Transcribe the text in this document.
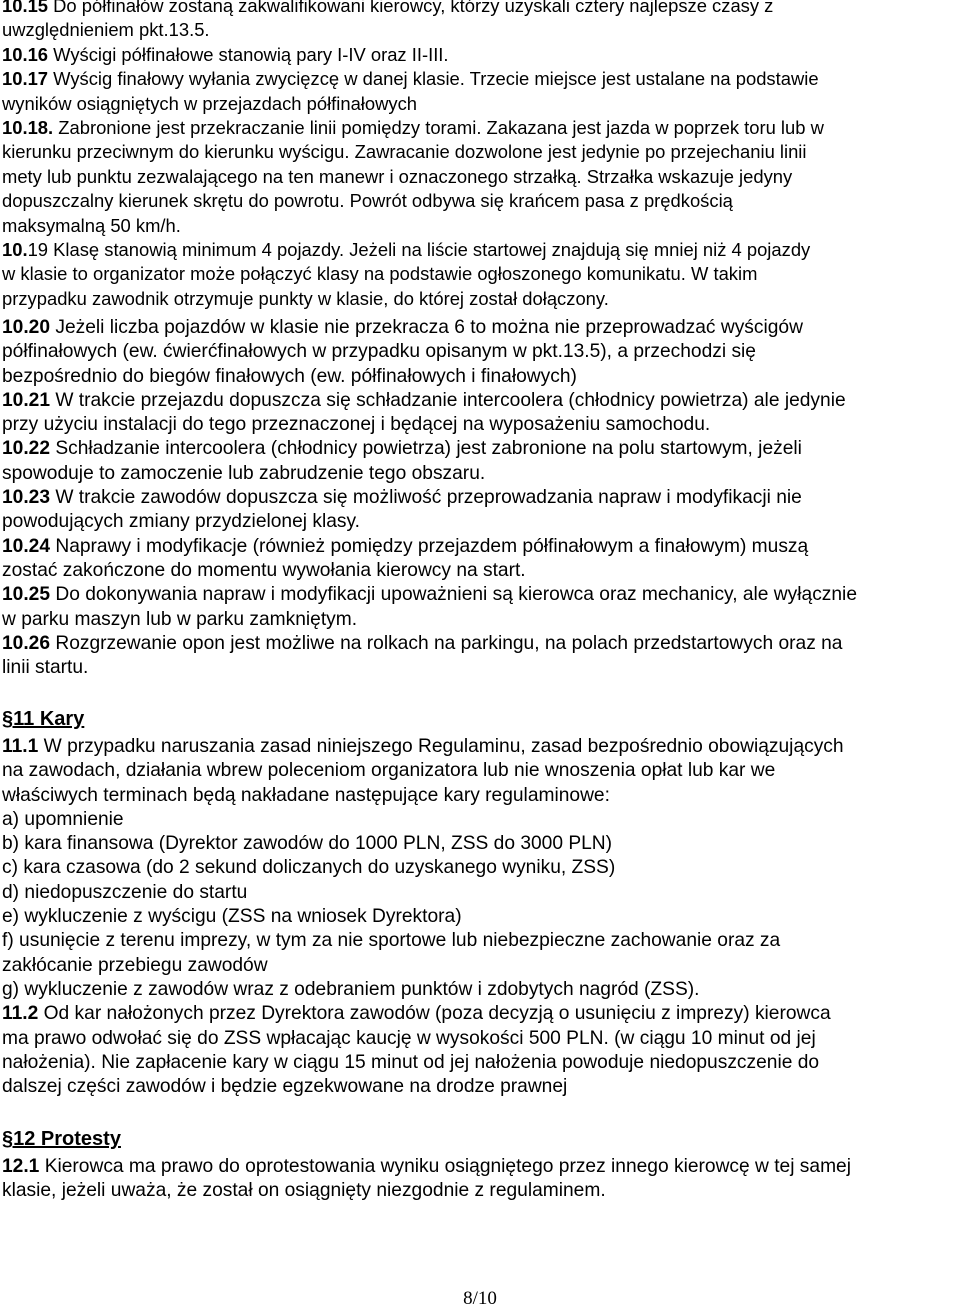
10.15 Do półfinałów zostaną zakwalifikowani kierowcy, którzy uzyskali cztery najlepsze czasy z
uwzględnieniem pkt.13.5.
10.16 Wyścigi półfinałowe stanowią pary I-IV oraz II-III.
10.17 Wyścig finałowy wyłania zwycięzcę w danej klasie. Trzecie miejsce jest ustalane na podstawie
wyników osiągniętych w przejazdach półfinałowych
10.18. Zabronione jest przekraczanie linii pomiędzy torami. Zakazana jest jazda w poprzek toru lub w
kierunku przeciwnym do kierunku wyścigu. Zawracanie dozwolone jest jedynie po przejechaniu linii
mety lub punktu zezwalającego na ten manewr i oznaczonego strzałką. Strzałka wskazuje jedyny
dopuszczalny kierunek skrętu do powrotu. Powrót odbywa się krańcem pasa z prędkością
maksymalną 50 km/h.
10.19 Klasę stanowią minimum 4 pojazdy. Jeżeli na liście startowej znajdują się mniej niż 4 pojazdy
w klasie to organizator może połączyć klasy na podstawie ogłoszonego komunikatu. W takim
przypadku zawodnik otrzymuje punkty w klasie, do której został dołączony.
10.20 Jeżeli liczba pojazdów w klasie nie przekracza 6 to można nie przeprowadzać wyścigów
półfinałowych (ew. ćwierćfinałowych w przypadku opisanym w pkt.13.5), a przechodzi się
bezpośrednio do biegów finałowych (ew. półfinałowych i finałowych)
10.21 W trakcie przejazdu dopuszcza się schładzanie intercoolera (chłodnicy powietrza) ale jedynie
przy użyciu instalacji do tego przeznaczonej i będącej na wyposażeniu samochodu.
10.22 Schładzanie intercoolera (chłodnicy powietrza) jest zabronione na polu startowym, jeżeli
spowoduje to zamoczenie lub zabrudzenie tego obszaru.
10.23 W trakcie zawodów dopuszcza się możliwość przeprowadzania napraw i modyfikacji nie
powodujących zmiany przydzielonej klasy.
10.24 Naprawy i modyfikacje (również pomiędzy przejazdem półfinałowym a finałowym) muszą
zostać zakończone do momentu wywołania kierowcy na start.
10.25 Do dokonywania napraw i modyfikacji upoważnieni są kierowca oraz mechanicy, ale wyłącznie
w parku maszyn lub w parku zamkniętym.
10.26 Rozgrzewanie opon jest możliwe na rolkach na parkingu, na polach przedstartowych oraz na
linii startu.
§11 Kary
11.1 W przypadku naruszania zasad niniejszego Regulaminu, zasad bezpośrednio obowiązujących
na zawodach, działania wbrew poleceniom organizatora lub nie wnoszenia opłat lub kar we
właściwych terminach będą nakładane następujące kary regulaminowe:
a) upomnienie
b) kara finansowa (Dyrektor zawodów do 1000 PLN, ZSS do 3000 PLN)
c) kara czasowa (do 2 sekund doliczanych do uzyskanego wyniku, ZSS)
d) niedopuszczenie do startu
e) wykluczenie z wyścigu (ZSS na wniosek Dyrektora)
f) usunięcie z terenu imprezy, w tym za nie sportowe lub niebezpieczne zachowanie oraz za
zakłócanie przebiegu zawodów
g) wykluczenie z zawodów wraz z odebraniem punktów i zdobytych nagród (ZSS).
11.2 Od kar nałożonych przez Dyrektora zawodów (poza decyzją o usunięciu z imprezy) kierowca
ma prawo odwołać się do ZSS wpłacając kaucję w wysokości 500 PLN. (w ciągu 10 minut od jej
nałożenia). Nie zapłacenie kary w ciągu 15 minut od jej nałożenia powoduje niedopuszczenie do
dalszej części zawodów i będzie egzekwowane na drodze prawnej
§12 Protesty
12.1 Kierowca ma prawo do oprotestowania wyniku osiągniętego przez innego kierowcę w tej samej
klasie, jeżeli uważa, że został on osiągnięty niezgodnie z regulaminem.
8/10
